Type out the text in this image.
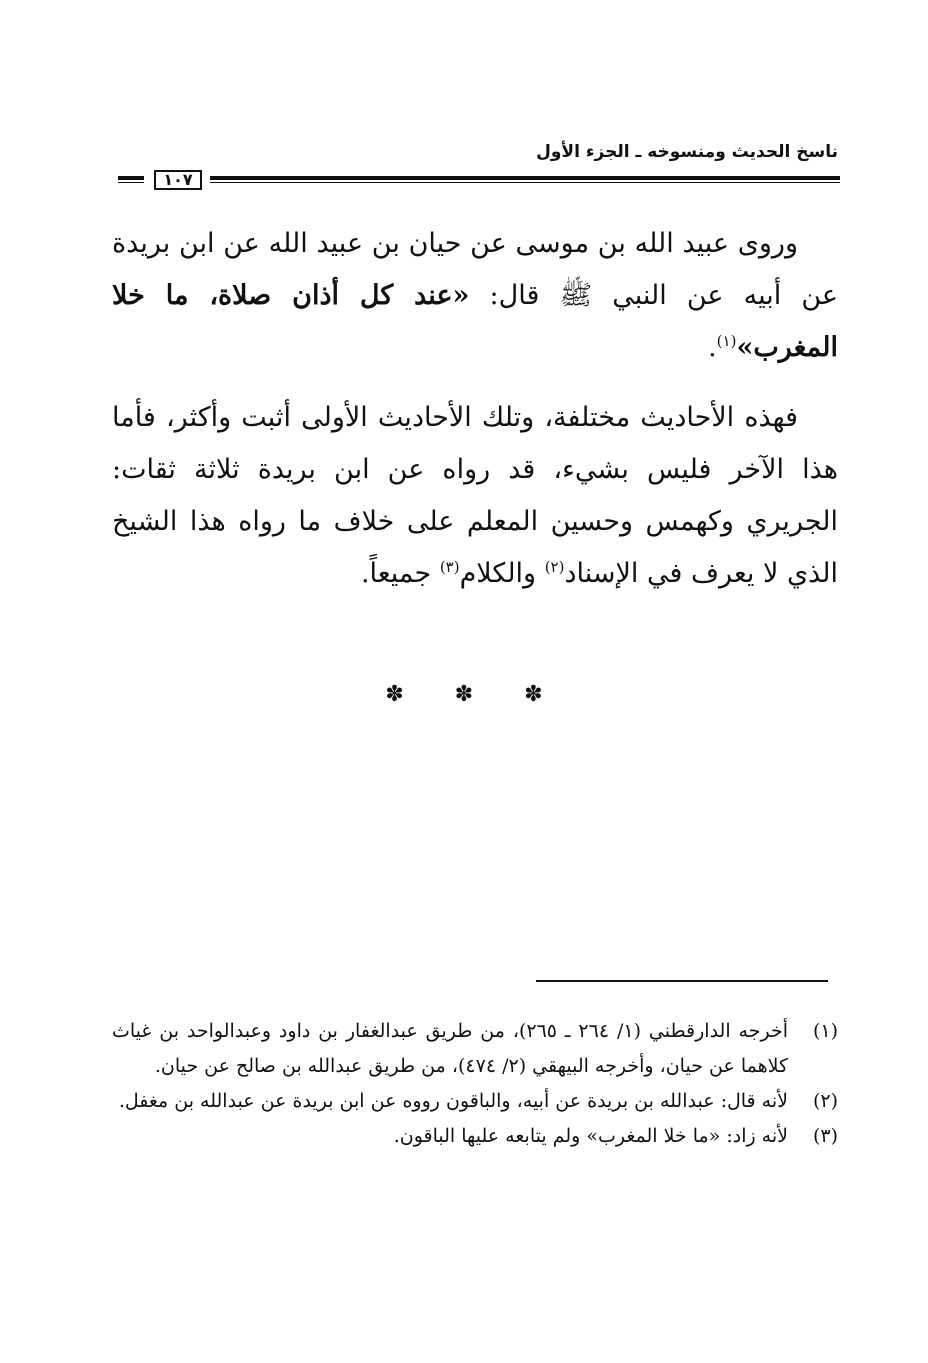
ناسخ الحديث ومنسوخه ـ الجزء الأول
١٠٧

وروى عبيد الله بن موسى عن حيان بن عبيد الله عن ابن بريدة عن أبيه عن النبي ﷺ قال: «عند كل أذان صلاة، ما خلا المغرب»$^{(١)}$.

فهذه الأحاديث مختلفة، وتلك الأحاديث الأولى أثبت وأكثر، فأما هذا الآخر فليس بشيء، قد رواه عن ابن بريدة ثلاثة ثقات: الجريري وكهمس وحسين المعلم على خلاف ما رواه هذا الشيخ الذي لا يعرف في الإسناد$^{(٢)}$ والكلام$^{(٣)}$ جميعاً.

✽ ✽ ✽
(١)
أخرجه الدارقطني (١/ ٢٦٤ ـ ٢٦٥)، من طريق عبدالغفار بن داود وعبدالواحد بن غياث كلاهما عن حيان، وأخرجه البيهقي (٢/ ٤٧٤)، من طريق عبدالله بن صالح عن حيان.
(٢)
لأنه قال: عبدالله بن بريدة عن أبيه، والباقون رووه عن ابن بريدة عن عبدالله بن مغفل.
(٣)
لأنه زاد: «ما خلا المغرب» ولم يتابعه عليها الباقون.
